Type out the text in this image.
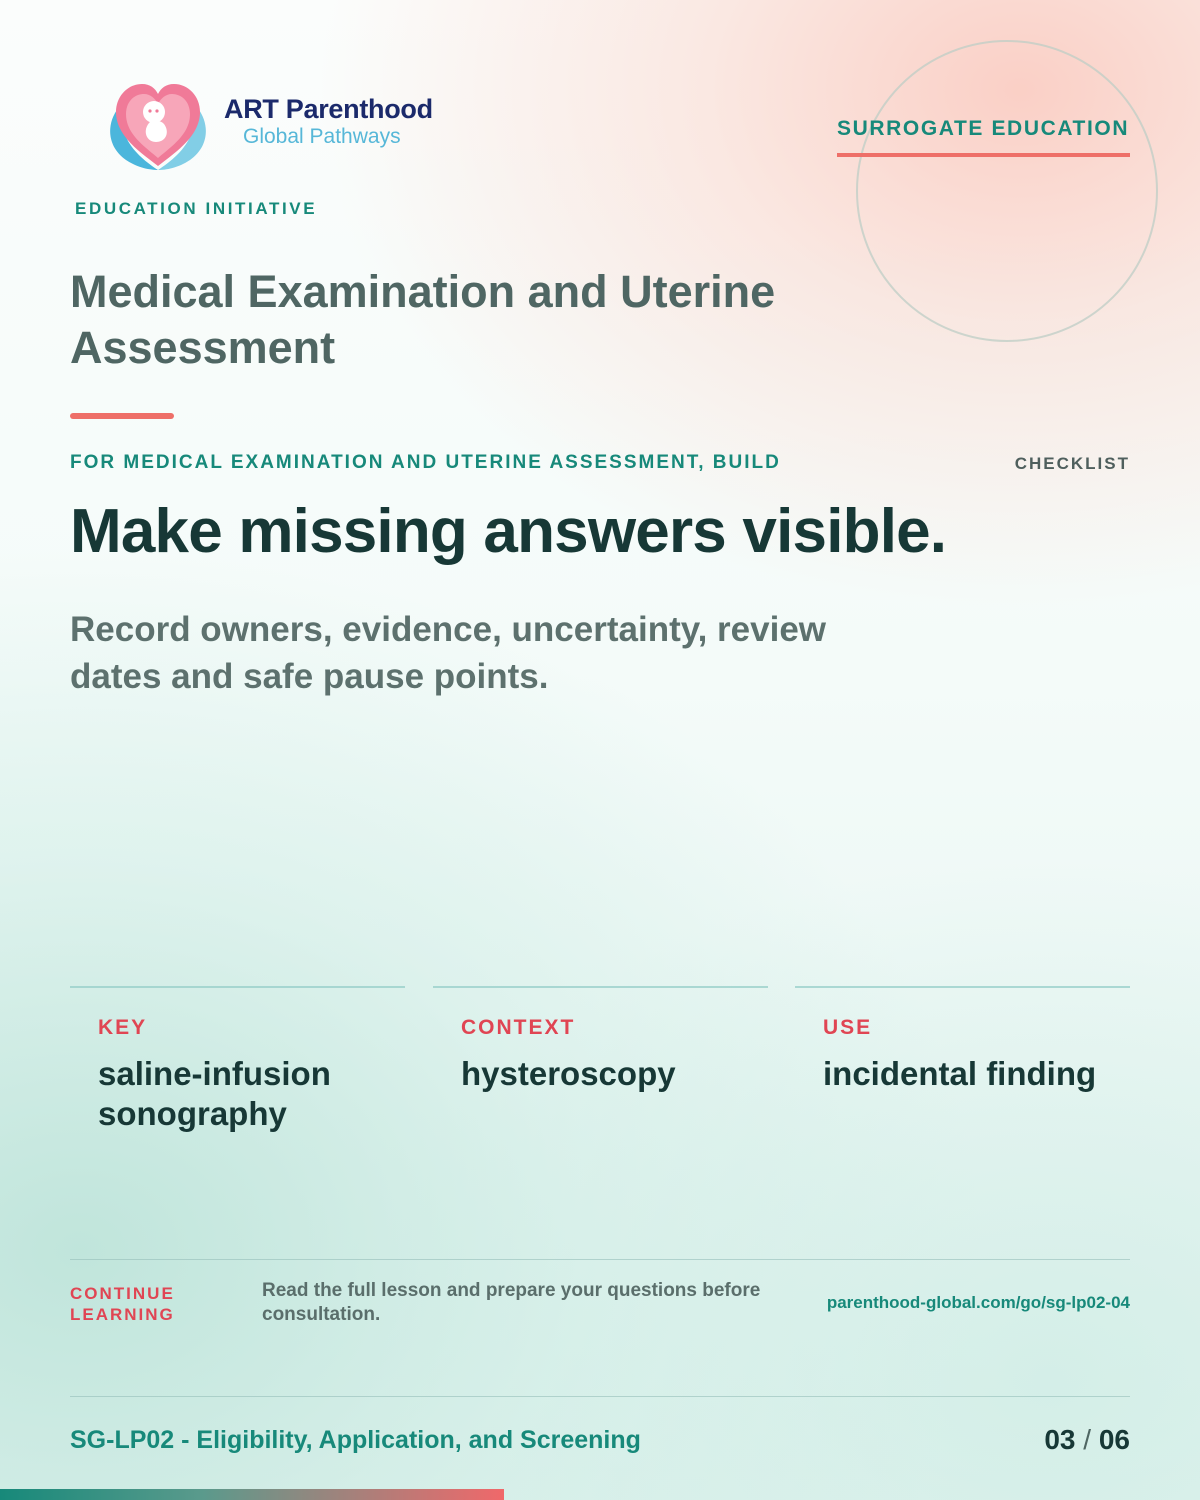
ART Parenthood
Global Pathways
EDUCATION INITIATIVE
SURROGATE EDUCATION
Medical Examination and Uterine Assessment
FOR MEDICAL EXAMINATION AND UTERINE ASSESSMENT, BUILD	CHECKLIST
Make missing answers visible.
Record owners, evidence, uncertainty, review dates and safe pause points.
KEY
saline-infusion sonography
CONTEXT
hysteroscopy
USE
incidental finding
CONTINUE LEARNING
Read the full lesson and prepare your questions before consultation.
parenthood-global.com/go/sg-lp02-04
SG-LP02 - Eligibility, Application, and Screening	03 / 06
